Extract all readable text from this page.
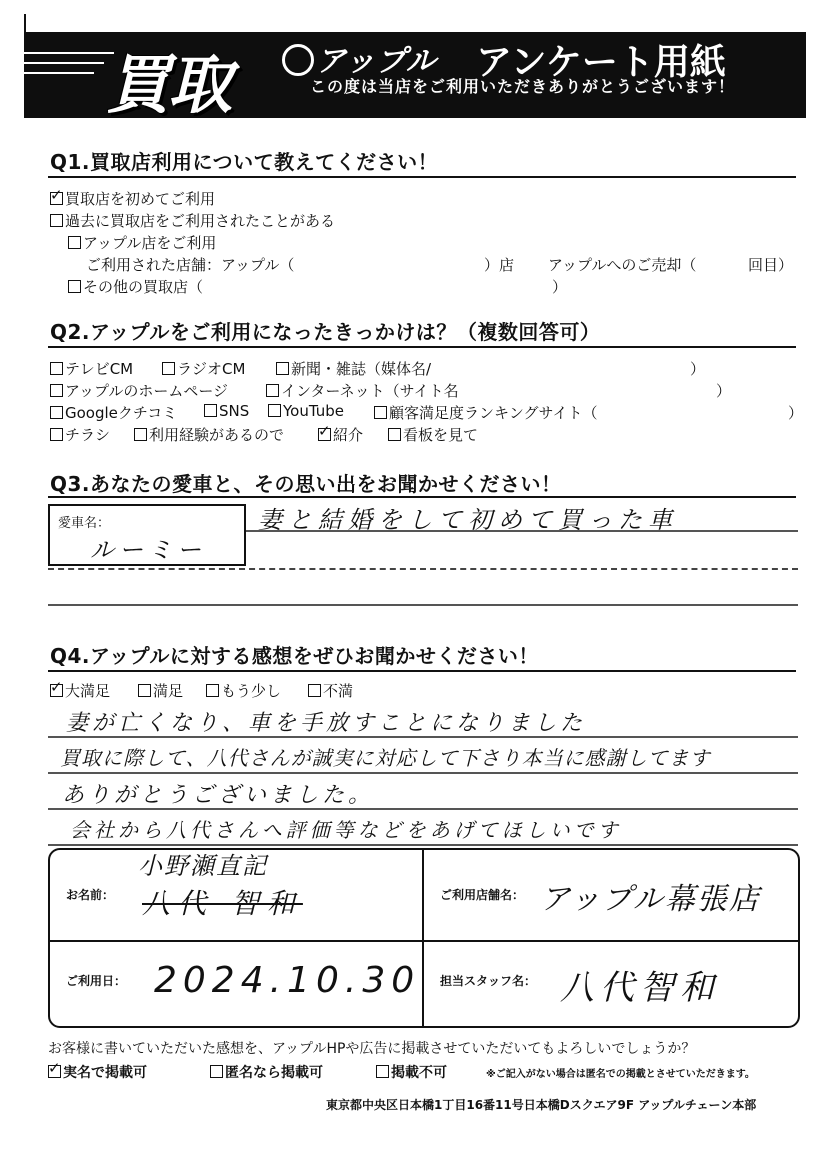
買取	アップル アンケート用紙
この度は当店をご利用いただきありがとうございます！
Q1.買取店利用について教えてください！
✓買取店を初めてご利用
過去に買取店をご利用されたことがある
アップル店をご利用
ご利用された店舗：アップル（	）店 アップルへのご売却（	回目）
その他の買取店（	）
Q2.アップルをご利用になったきっかけは？（複数回答可）
テレビCM	ラジオCM	新聞・雑誌（媒体名/	）
アップルのホームページ	インターネット（サイト名	）
Googleクチコミ	SNS	YouTube	顧客満足度ランキングサイト（	）
チラシ	利用経験があるので
✓	紹介	看板を見て
Q3.あなたの愛車と、その思い出をお聞かせください！
愛車名：
ルーミー
妻と結婚をして初めて買った車
Q4.アップルに対する感想をぜひお聞かせください！
✓大満足	満足	もう少し	不満
妻が亡くなり、車を手放すことになりました
買取に際して、八代さんが誠実に対応して下さり本当に感謝してます
ありがとうございました。
会社から八代さんへ評価等などをあげてほしいです
お名前：
小野瀬直記
八代 智和	ご利用店舗名： アップル幕張店
ご利用日： 2024.10.30 担当スタッフ名： 八代智和
お客様に書いていただいた感想を、アップルHPや広告に掲載させていただいてもよろしいでしょうか？
✓実名で掲載可	匿名なら掲載可	掲載不可	※ご記入がない場合は匿名での掲載とさせていただきます。
東京都中央区日本橋1丁目16番11号日本橋Dスクエア9F アップルチェーン本部
